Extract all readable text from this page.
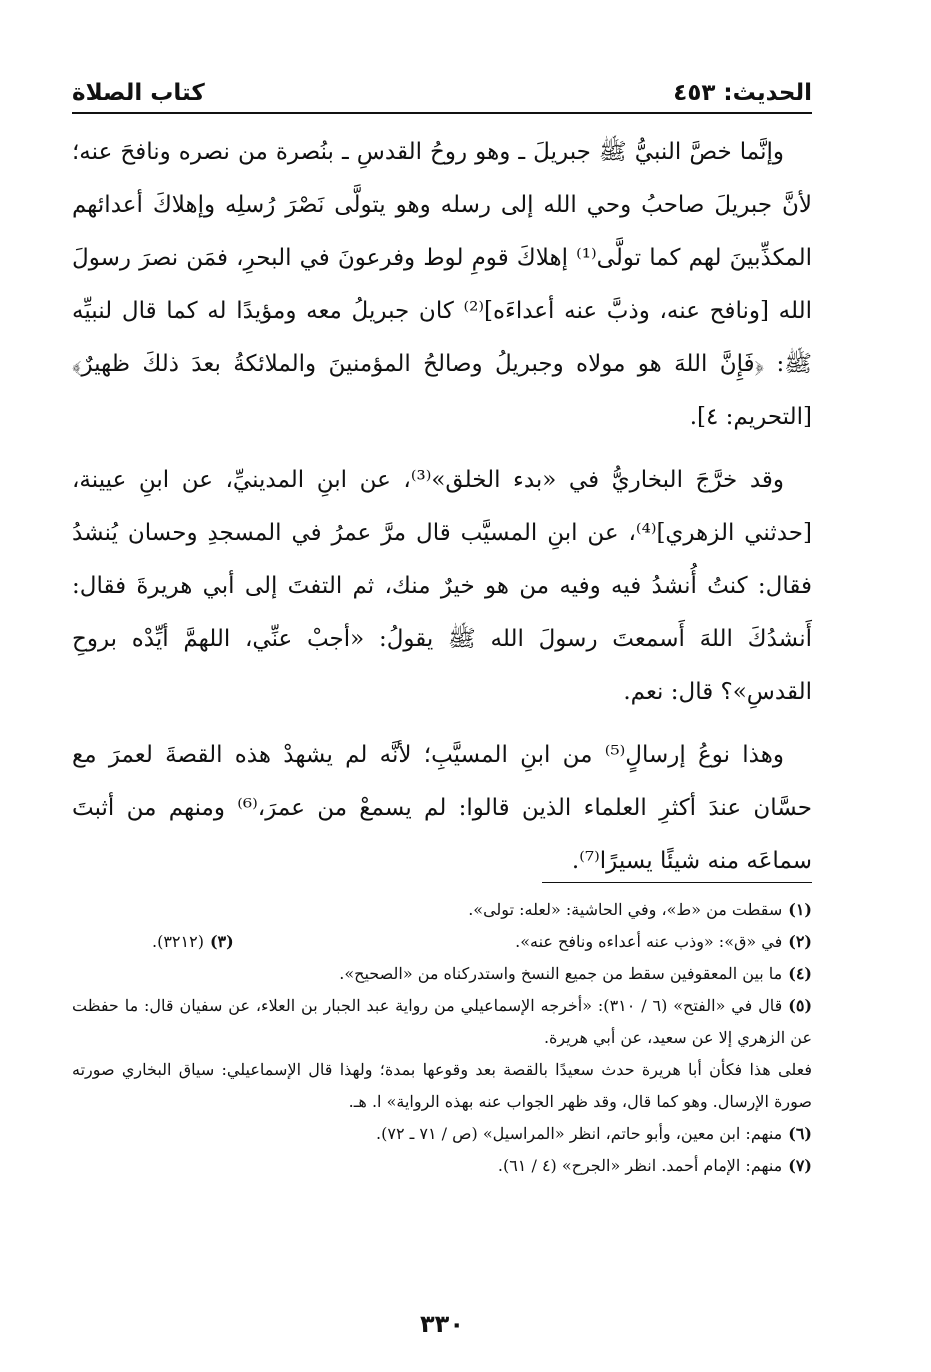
الحديث: ٤٥٣
كتاب الصلاة

وإنَّما خصَّ النبيُّ ﷺ جبريلَ ـ وهو روحُ القدسِ ـ بنُصرة من نصره ونافحَ عنه؛ لأنَّ جبريلَ صاحبُ وحي الله إلى رسله وهو يتولَّى نَصْرَ رُسلِه وإهلاكَ أعدائهم المكذِّبينَ لهم كما تولَّى⁽¹⁾ إهلاكَ قومِ لوط وفرعونَ في البحرِ، فمَن نصرَ رسولَ الله [ونافح عنه، وذبَّ عنه أعداءَه]⁽²⁾ كان جبريلُ معه ومؤيدًا له كما قال لنبيِّه ﷺ: ﴿فَإِنَّ اللهَ هو مولاه وجبريلُ وصالحُ المؤمنينَ والملائكةُ بعدَ ذلكَ ظهيرٌ﴾ [التحريم: ٤].

وقد خرَّجَ البخاريُّ في «بدء الخلق»⁽³⁾، عن ابنِ المدينيِّ، عن ابنِ عيينة، [حدثني الزهري]⁽⁴⁾، عن ابنِ المسيَّب قال مرَّ عمرُ في المسجدِ وحسان يُنشدُ فقال: كنتُ أُنشدُ فيه وفيه من هو خيرٌ منك، ثم التفتَ إلى أبي هريرةَ فقال: أَنشدُكَ اللهَ أَسمعتَ رسولَ الله ﷺ يقولُ: «أجبْ عنِّي، اللهمَّ أيِّدْه بروحِ القدسِ»؟ قال: نعم.

وهذا نوعُ إرسالٍ⁽⁵⁾ من ابنِ المسيَّبِ؛ لأنَّه لم يشهدْ هذه القصةَ لعمرَ مع حسَّان عندَ أكثرِ العلماء الذين قالوا: لم يسمعْ من عمرَ،⁽⁶⁾ ومنهم من أثبتَ سماعَه منه شيئًا يسيرًا⁽⁷⁾.

(١)سقطت من «ط»، وفي الحاشية: «لعله: تولى».

(٢)في «ق»: «وذب عنه أعداءه ونافح عنه».

(٣)(٣٢١٢).

(٤)ما بين المعقوفين سقط من جميع النسخ واستدركناه من «الصحيح».

(٥)قال في «الفتح» (٦ / ٣١٠): «أخرجه الإسماعيلي من رواية عبد الجبار بن العلاء، عن سفيان قال: ما حفظت عن الزهري إلا عن سعيد، عن أبي هريرة.

فعلى هذا فكأن أبا هريرة حدث سعيدًا بالقصة بعد وقوعها بمدة؛ ولهذا قال الإسماعيلي: سياق البخاري صورته صورة الإرسال. وهو كما قال، وقد ظهر الجواب عنه بهذه الرواية» ا. هـ.

(٦)منهم: ابن معين، وأبو حاتم، انظر «المراسيل» (ص / ٧١ ـ ٧٢).

(٧)منهم: الإمام أحمد. انظر «الجرح» (٤ / ٦١).

٣٣٠
